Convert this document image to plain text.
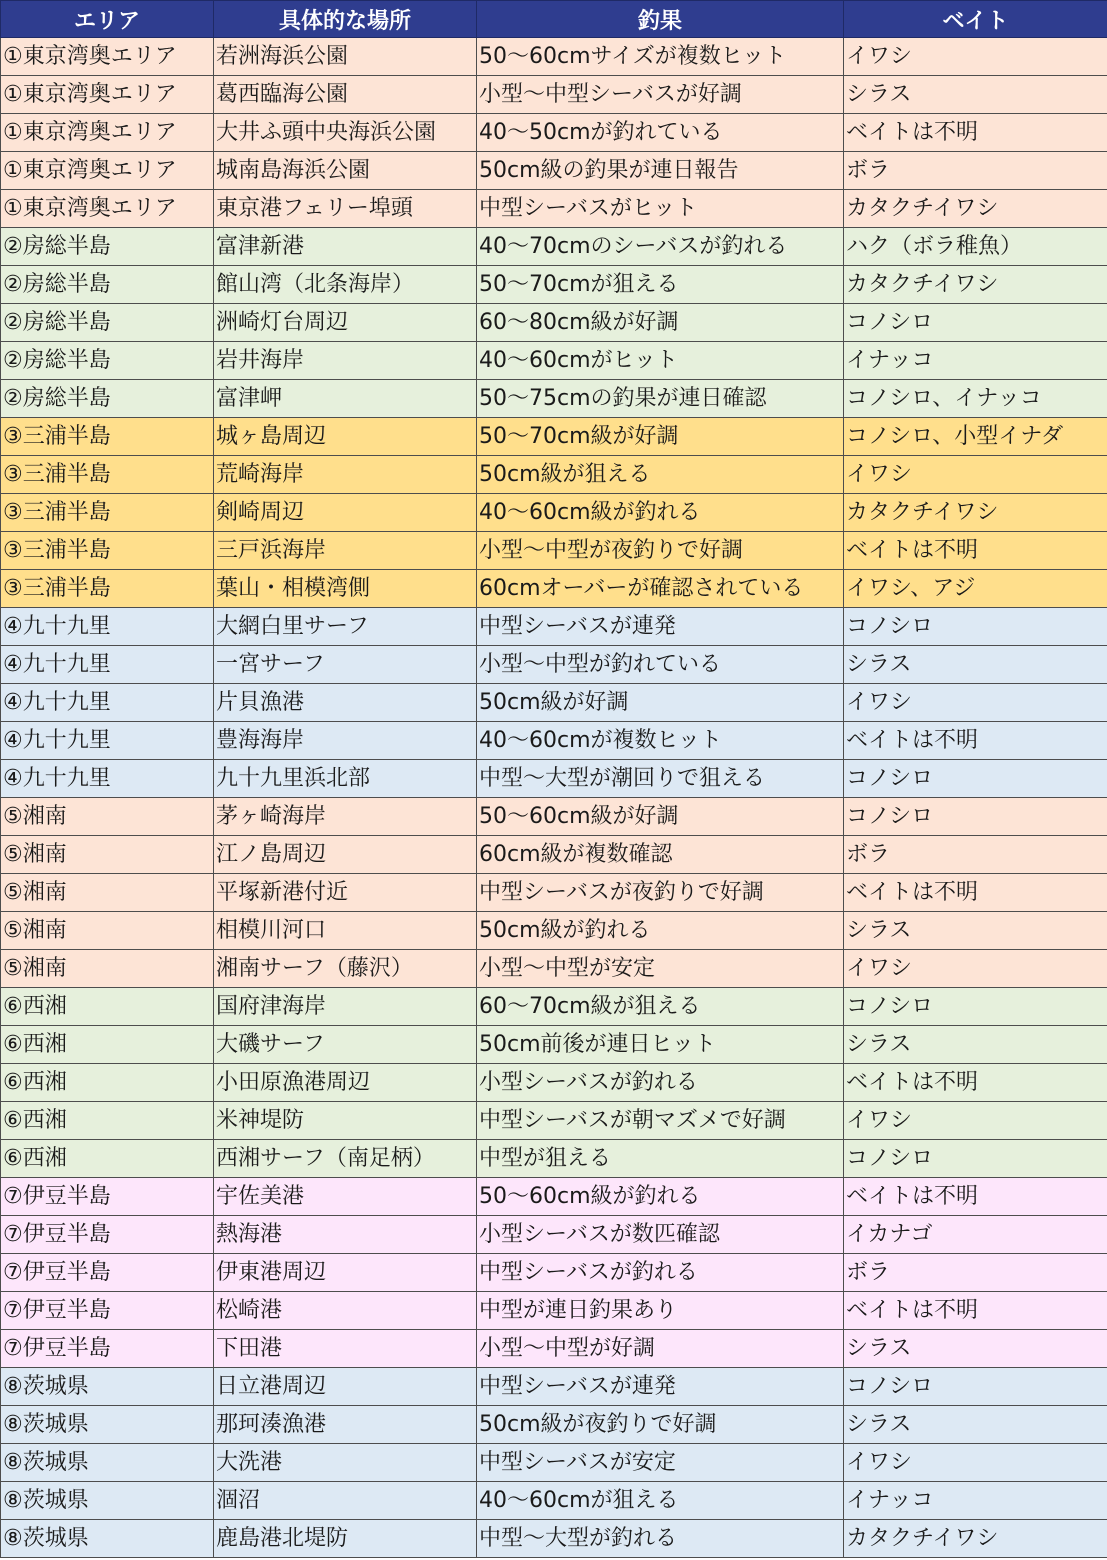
エリア	具体的な場所	釣果	ベイト
①東京湾奥エリア	若洲海浜公園	50～60cmサイズが複数ヒット	イワシ
①東京湾奥エリア	葛西臨海公園	小型～中型シーバスが好調	シラス
①東京湾奥エリア	大井ふ頭中央海浜公園	40～50cmが釣れている	ベイトは不明
①東京湾奥エリア	城南島海浜公園	50cm級の釣果が連日報告	ボラ
①東京湾奥エリア	東京港フェリー埠頭	中型シーバスがヒット	カタクチイワシ
②房総半島	富津新港	40～70cmのシーバスが釣れる	ハク（ボラ稚魚）
②房総半島	館山湾（北条海岸）	50～70cmが狙える	カタクチイワシ
②房総半島	洲崎灯台周辺	60～80cm級が好調	コノシロ
②房総半島	岩井海岸	40～60cmがヒット	イナッコ
②房総半島	富津岬	50～75cmの釣果が連日確認	コノシロ、イナッコ
③三浦半島	城ヶ島周辺	50～70cm級が好調	コノシロ、小型イナダ
③三浦半島	荒崎海岸	50cm級が狙える	イワシ
③三浦半島	剣崎周辺	40～60cm級が釣れる	カタクチイワシ
③三浦半島	三戸浜海岸	小型～中型が夜釣りで好調	ベイトは不明
③三浦半島	葉山・相模湾側	60cmオーバーが確認されている	イワシ、アジ
④九十九里	大網白里サーフ	中型シーバスが連発	コノシロ
④九十九里	一宮サーフ	小型～中型が釣れている	シラス
④九十九里	片貝漁港	50cm級が好調	イワシ
④九十九里	豊海海岸	40～60cmが複数ヒット	ベイトは不明
④九十九里	九十九里浜北部	中型～大型が潮回りで狙える	コノシロ
⑤湘南	茅ヶ崎海岸	50～60cm級が好調	コノシロ
⑤湘南	江ノ島周辺	60cm級が複数確認	ボラ
⑤湘南	平塚新港付近	中型シーバスが夜釣りで好調	ベイトは不明
⑤湘南	相模川河口	50cm級が釣れる	シラス
⑤湘南	湘南サーフ（藤沢）	小型～中型が安定	イワシ
⑥西湘	国府津海岸	60～70cm級が狙える	コノシロ
⑥西湘	大磯サーフ	50cm前後が連日ヒット	シラス
⑥西湘	小田原漁港周辺	小型シーバスが釣れる	ベイトは不明
⑥西湘	米神堤防	中型シーバスが朝マズメで好調	イワシ
⑥西湘	西湘サーフ（南足柄）	中型が狙える	コノシロ
⑦伊豆半島	宇佐美港	50～60cm級が釣れる	ベイトは不明
⑦伊豆半島	熱海港	小型シーバスが数匹確認	イカナゴ
⑦伊豆半島	伊東港周辺	中型シーバスが釣れる	ボラ
⑦伊豆半島	松崎港	中型が連日釣果あり	ベイトは不明
⑦伊豆半島	下田港	小型～中型が好調	シラス
⑧茨城県	日立港周辺	中型シーバスが連発	コノシロ
⑧茨城県	那珂湊漁港	50cm級が夜釣りで好調	シラス
⑧茨城県	大洗港	中型シーバスが安定	イワシ
⑧茨城県	涸沼	40～60cmが狙える	イナッコ
⑧茨城県	鹿島港北堤防	中型～大型が釣れる	カタクチイワシ
